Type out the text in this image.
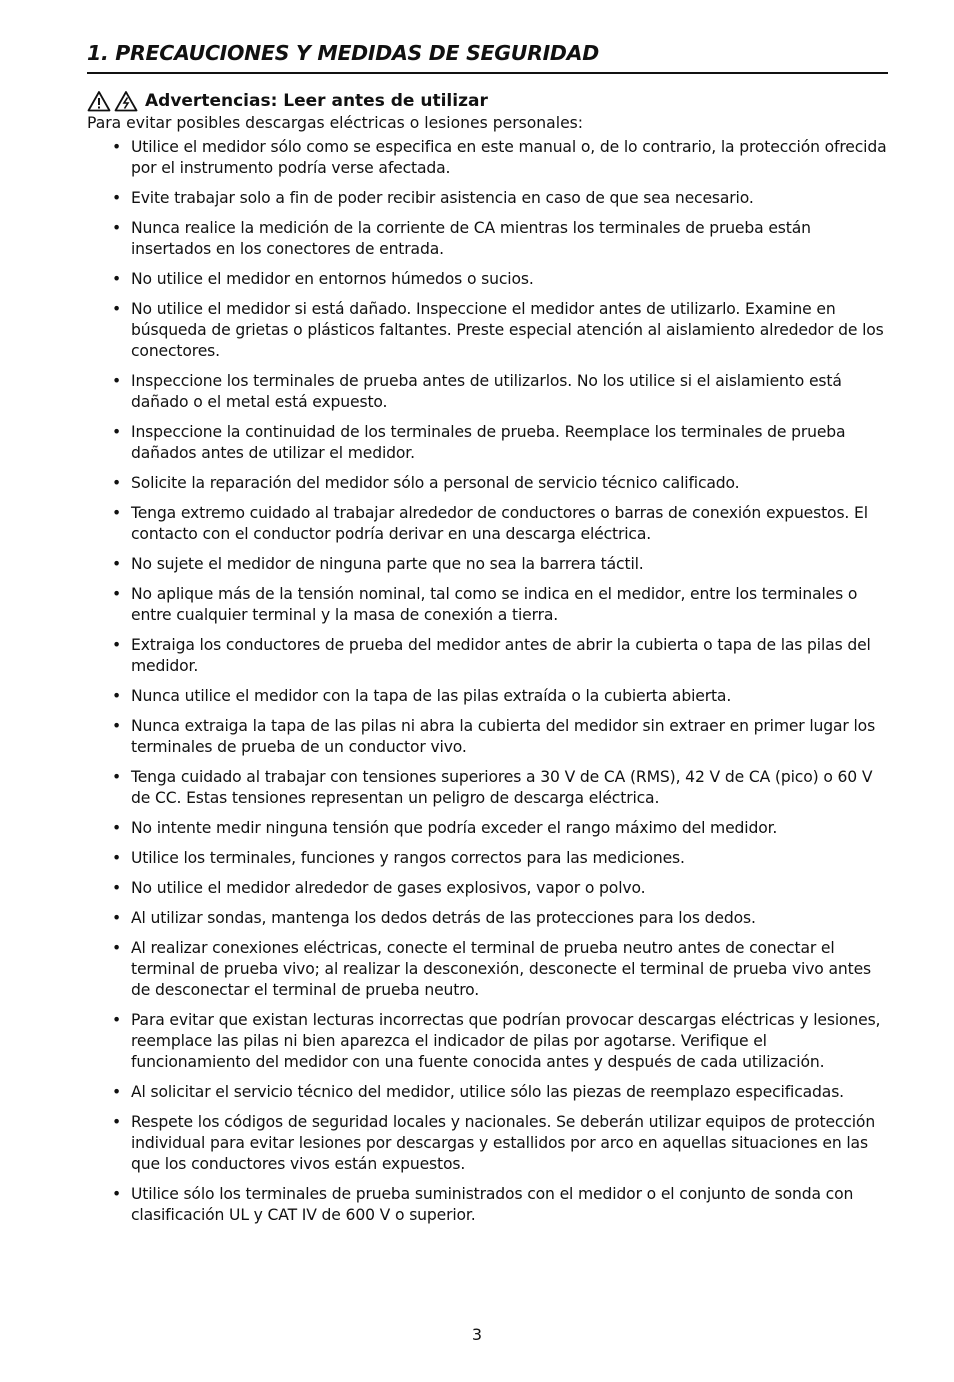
1. PRECAUCIONES Y MEDIDAS DE SEGURIDAD
Advertencias: Leer antes de utilizar

Para evitar posibles descargas eléctricas o lesiones personales:

• Utilice el medidor sólo como se especifica en este manual o, de lo contrario, la protección ofrecida por el instrumento podría verse afectada.
• Evite trabajar solo a fin de poder recibir asistencia en caso de que sea necesario.
• Nunca realice la medición de la corriente de CA mientras los terminales de prueba están insertados en los conectores de entrada.
• No utilice el medidor en entornos húmedos o sucios.
• No utilice el medidor si está dañado. Inspeccione el medidor antes de utilizarlo. Examine en búsqueda de grietas o plásticos faltantes. Preste especial atención al aislamiento alrededor de los conectores.
• Inspeccione los terminales de prueba antes de utilizarlos. No los utilice si el aislamiento está dañado o el metal está expuesto.
• Inspeccione la continuidad de los terminales de prueba. Reemplace los terminales de prueba dañados antes de utilizar el medidor.
• Solicite la reparación del medidor sólo a personal de servicio técnico calificado.
• Tenga extremo cuidado al trabajar alrededor de conductores o barras de conexión expuestos. El contacto con el conductor podría derivar en una descarga eléctrica.
• No sujete el medidor de ninguna parte que no sea la barrera táctil.
• No aplique más de la tensión nominal, tal como se indica en el medidor, entre los terminales o entre cualquier terminal y la masa de conexión a tierra.
• Extraiga los conductores de prueba del medidor antes de abrir la cubierta o tapa de las pilas del medidor.
• Nunca utilice el medidor con la tapa de las pilas extraída o la cubierta abierta.
• Nunca extraiga la tapa de las pilas ni abra la cubierta del medidor sin extraer en primer lugar los terminales de prueba de un conductor vivo.
• Tenga cuidado al trabajar con tensiones superiores a 30 V de CA (RMS), 42 V de CA (pico) o 60 V de CC. Estas tensiones representan un peligro de descarga eléctrica.
• No intente medir ninguna tensión que podría exceder el rango máximo del medidor.
• Utilice los terminales, funciones y rangos correctos para las mediciones.
• No utilice el medidor alrededor de gases explosivos, vapor o polvo.
• Al utilizar sondas, mantenga los dedos detrás de las protecciones para los dedos.
• Al realizar conexiones eléctricas, conecte el terminal de prueba neutro antes de conectar el terminal de prueba vivo; al realizar la desconexión, desconecte el terminal de prueba vivo antes de desconectar el terminal de prueba neutro.
• Para evitar que existan lecturas incorrectas que podrían provocar descargas eléctricas y lesiones, reemplace las pilas ni bien aparezca el indicador de pilas por agotarse. Verifique el funcionamiento del medidor con una fuente conocida antes y después de cada utilización.
• Al solicitar el servicio técnico del medidor, utilice sólo las piezas de reemplazo especificadas.
• Respete los códigos de seguridad locales y nacionales. Se deberán utilizar equipos de protección individual para evitar lesiones por descargas y estallidos por arco en aquellas situaciones en las que los conductores vivos están expuestos.
• Utilice sólo los terminales de prueba suministrados con el medidor o el conjunto de sonda con clasificación UL y CAT IV de 600 V o superior.
3
